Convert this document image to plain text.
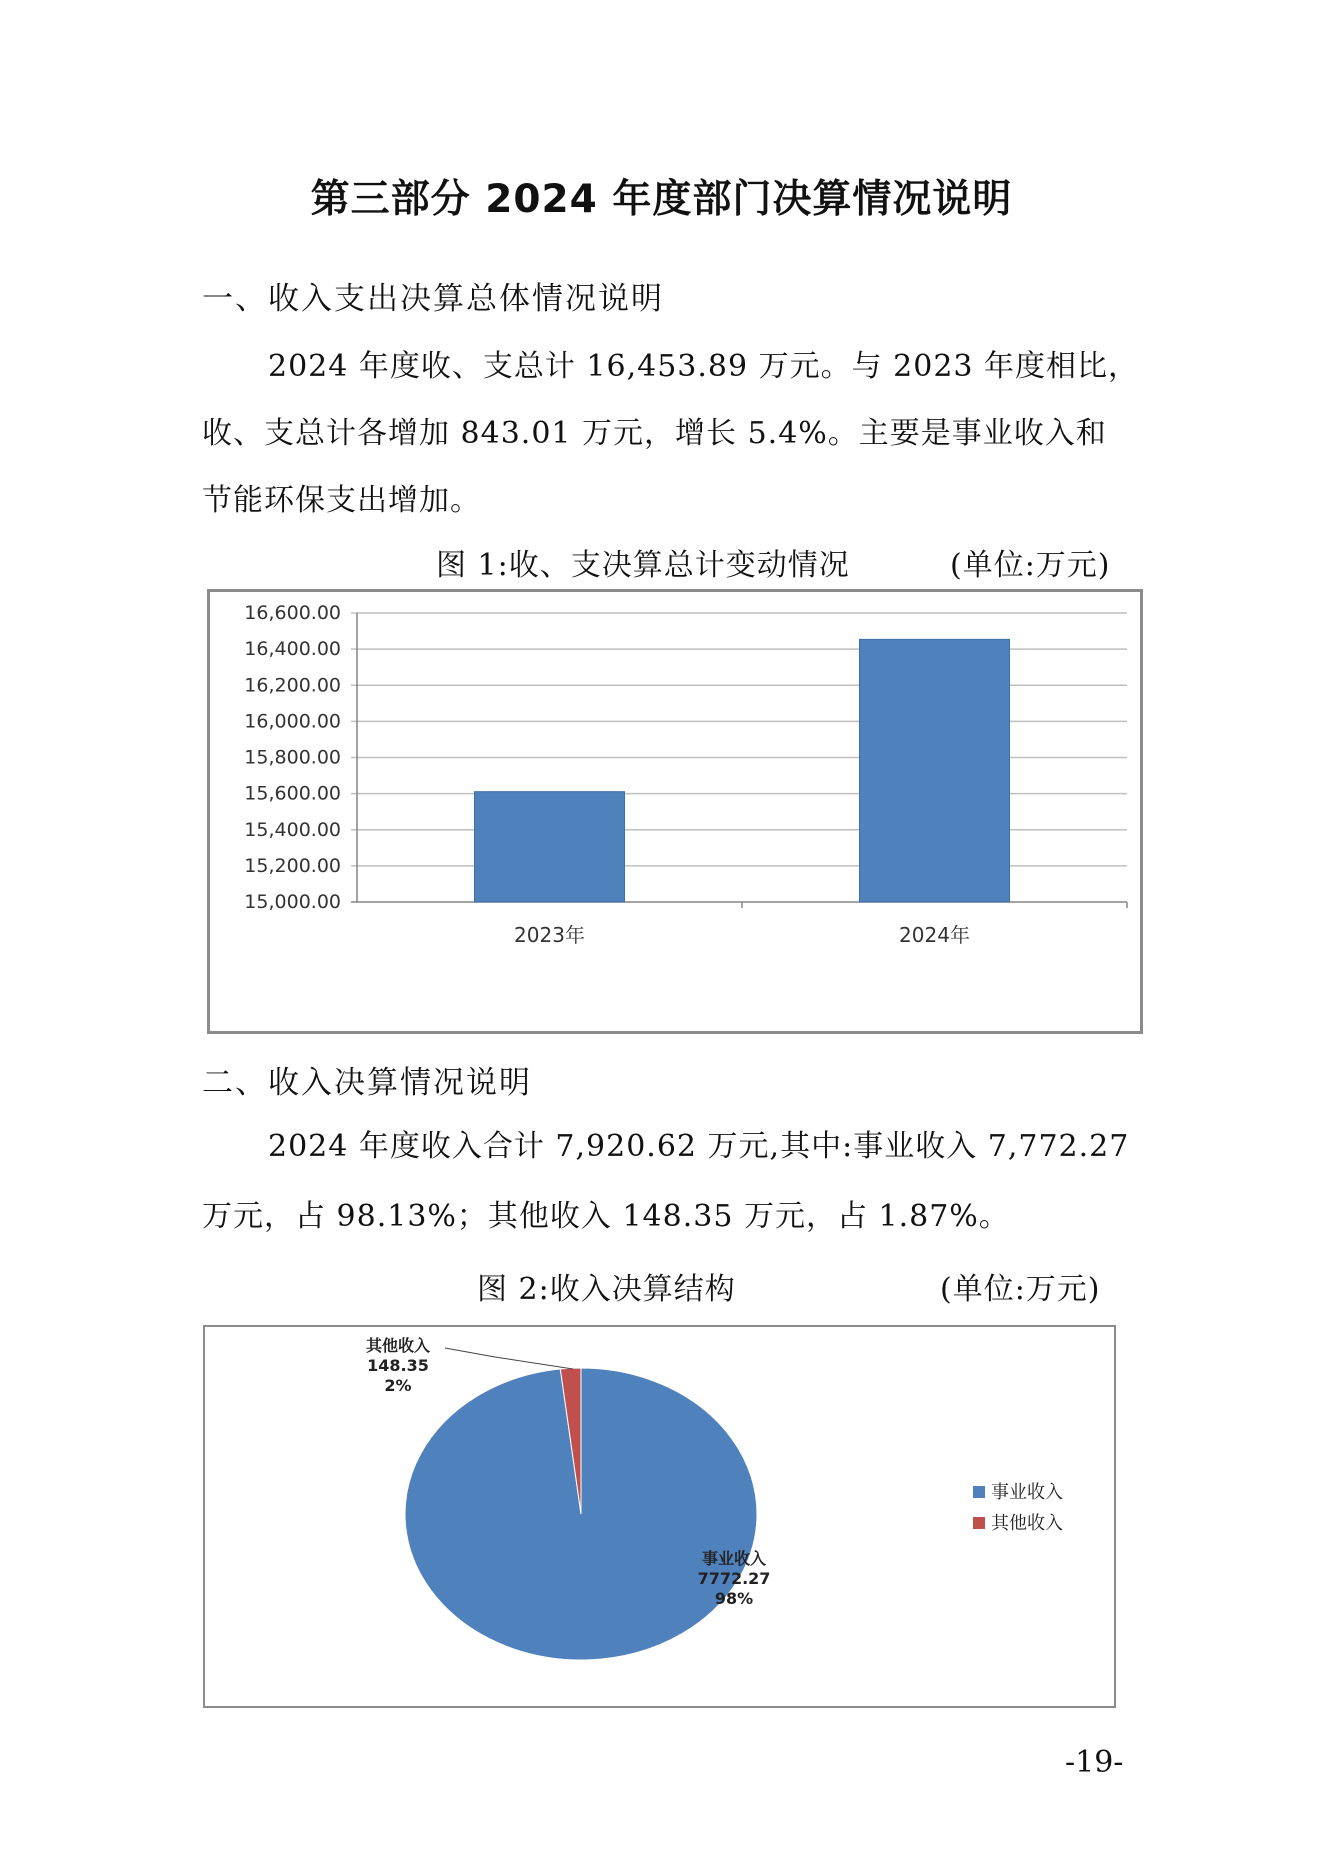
第三部分 2024 年度部门决算情况说明
一、收入支出决算总体情况说明
2024 年度收、支总计 16,453.89 万元。与 2023 年度相比，
收、支总计各增加 843.01 万元，增长 5.4%。主要是事业收入和
节能环保支出增加。
图 1:收、支决算总计变动情况	(单位:万元)
15,000.00
15,200.00
15,400.00
15,600.00
15,800.00
16,000.00
16,200.00
16,400.00
16,600.00
2023年	2024年
二、收入决算情况说明
2024 年度收入合计 7,920.62 万元,其中:事业收入 7,772.27
万元，占 98.13%；其他收入 148.35 万元，占 1.87%。
图 2:收入决算结构	(单位:万元)
事业收入
7772.27
98%
其他收入
148.35
2%
事业收入
其他收入
-19-
